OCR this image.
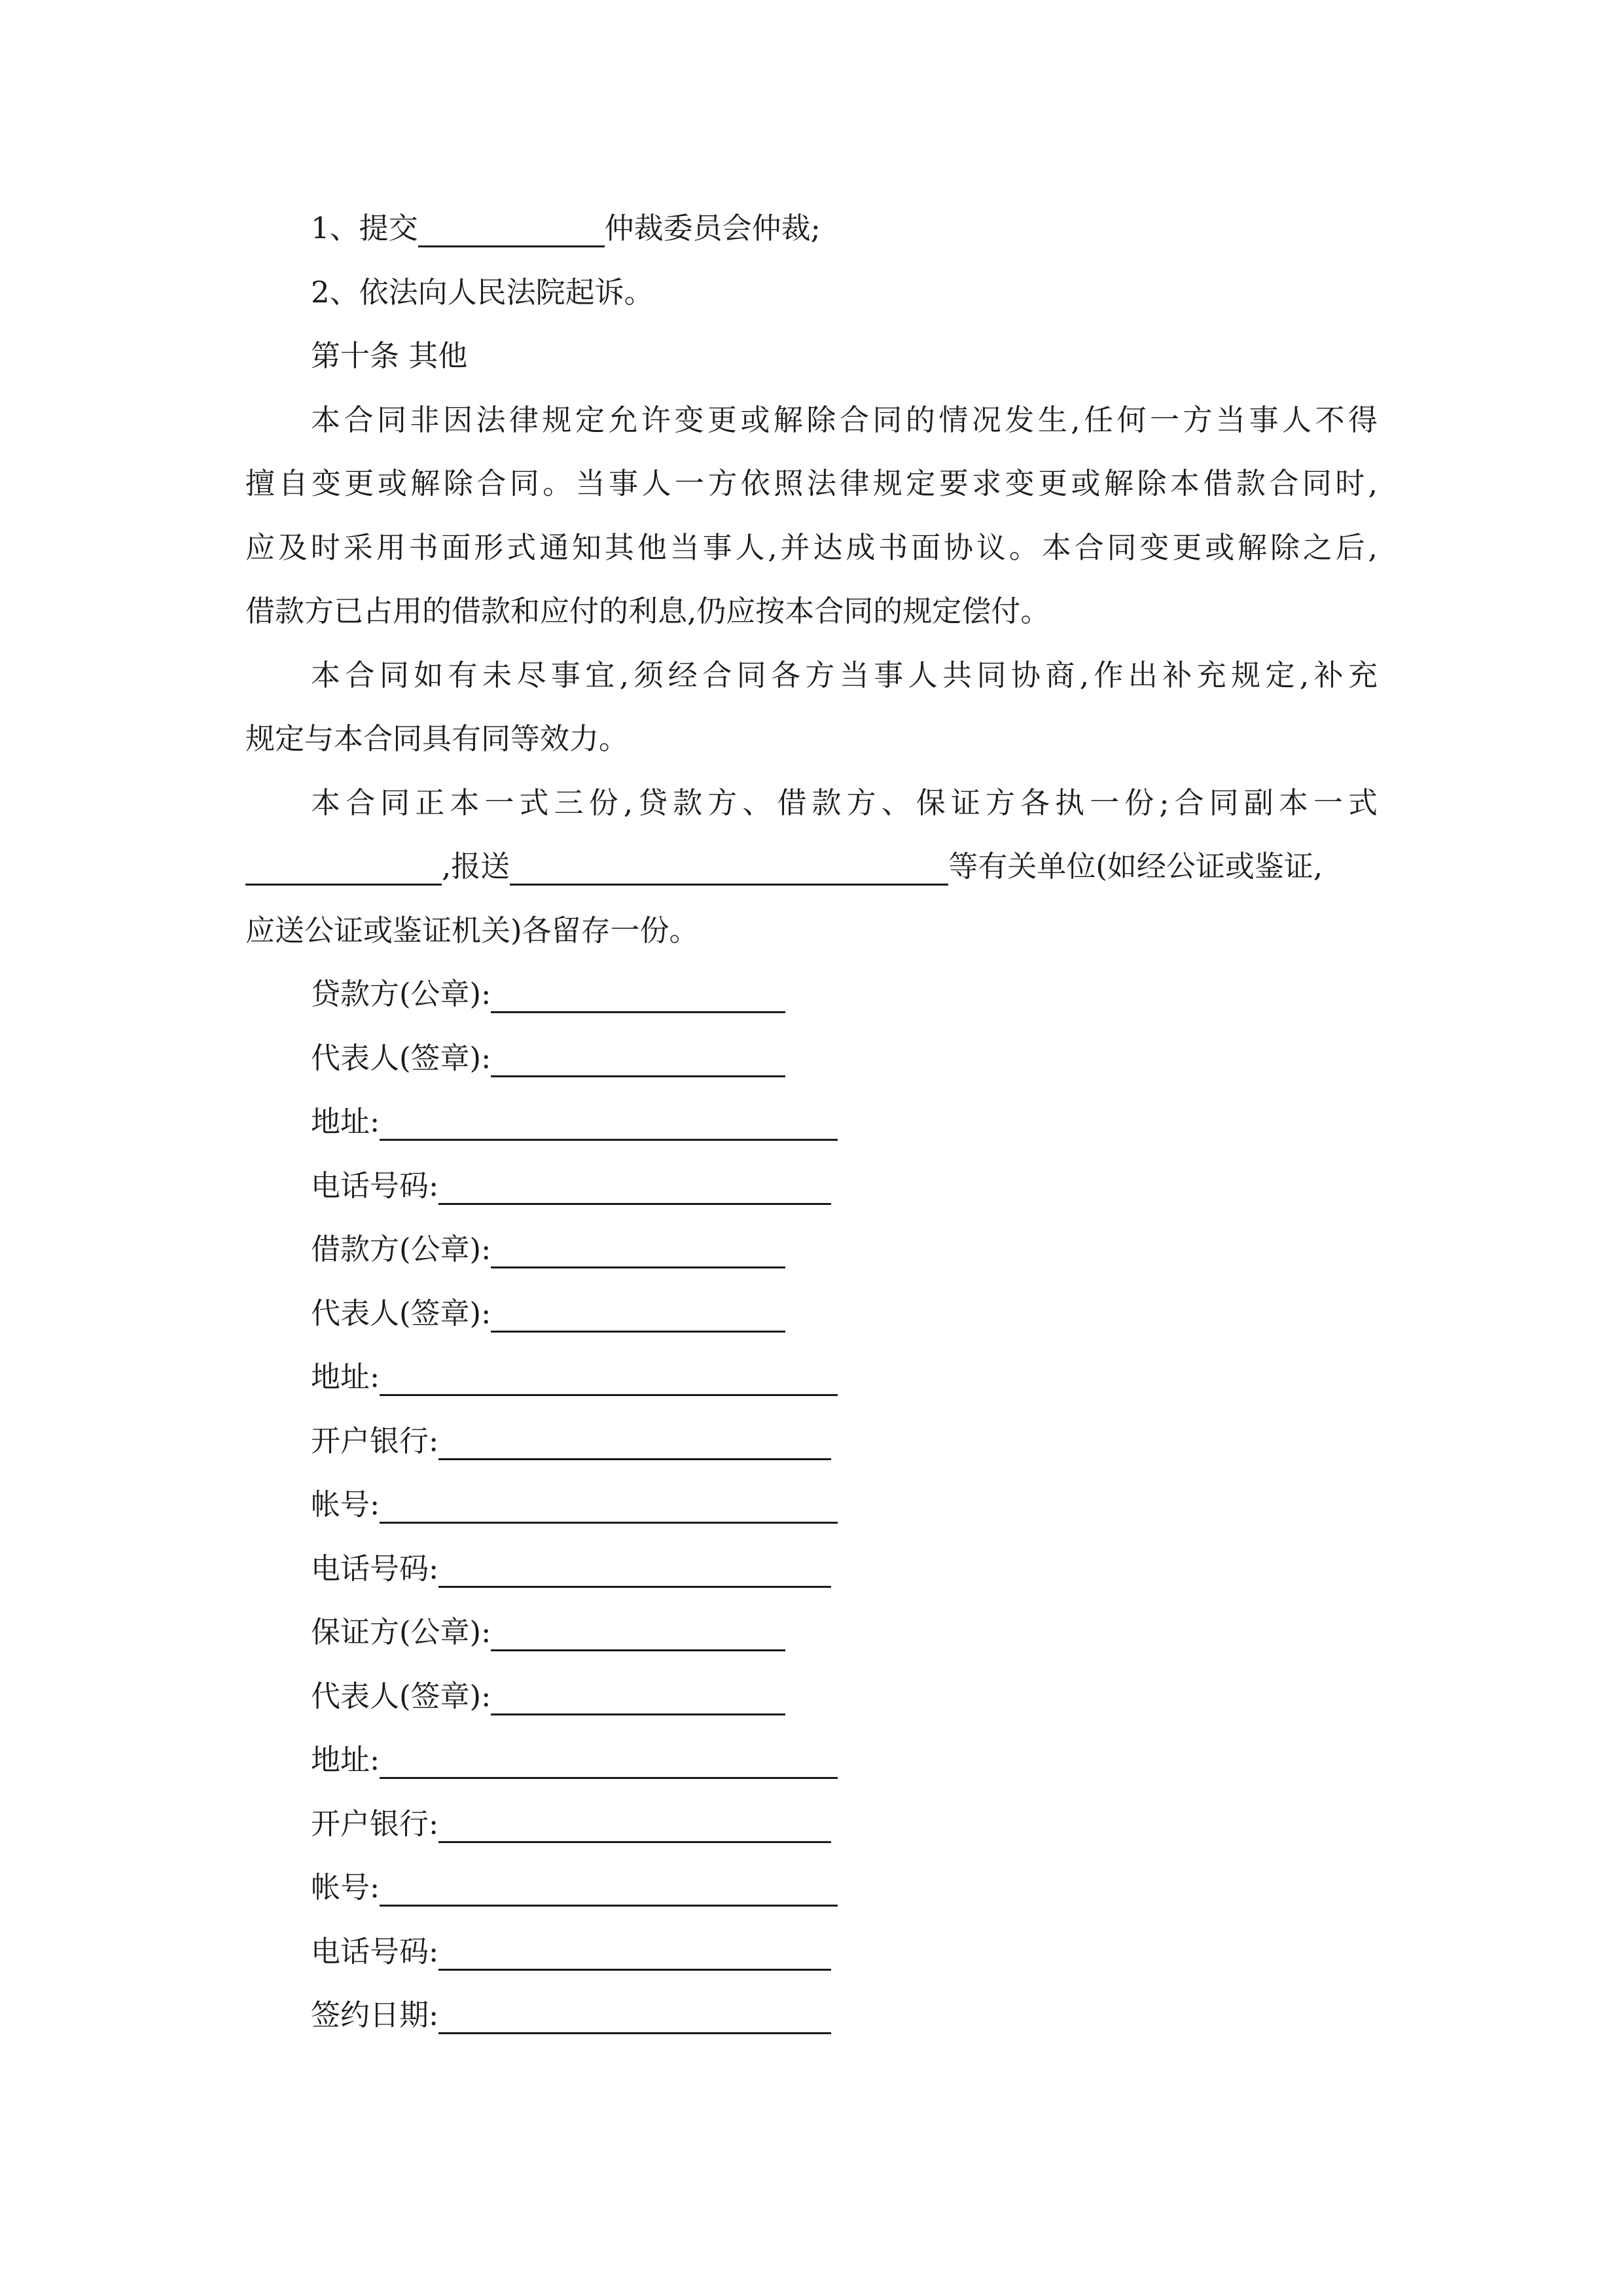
1、提交	仲裁委员会仲裁;
2、依法向人民法院起诉。
第十条 其他
本合同非因法律规定允许变更或解除合同的情况发生,任何一方当事人不得
擅自变更或解除合同。当事人一方依照法律规定要求变更或解除本借款合同时,
应及时采用书面形式通知其他当事人,并达成书面协议。本合同变更或解除之后,
借款方已占用的借款和应付的利息,仍应按本合同的规定偿付。
本合同如有未尽事宜,须经合同各方当事人共同协商,作出补充规定,补充
规定与本合同具有同等效力。
本合同正本一式三份,贷款方、借款方、保证方各执一份;合同副本一式
,报送	等有关单位(如经公证或鉴证,
应送公证或鉴证机关)各留存一份。
贷款方(公章):
代表人(签章):
地址:
电话号码:
借款方(公章):
代表人(签章):
地址:
开户银行:
帐号:
电话号码:
保证方(公章):
代表人(签章):
地址:
开户银行:
帐号:
电话号码:
签约日期:
